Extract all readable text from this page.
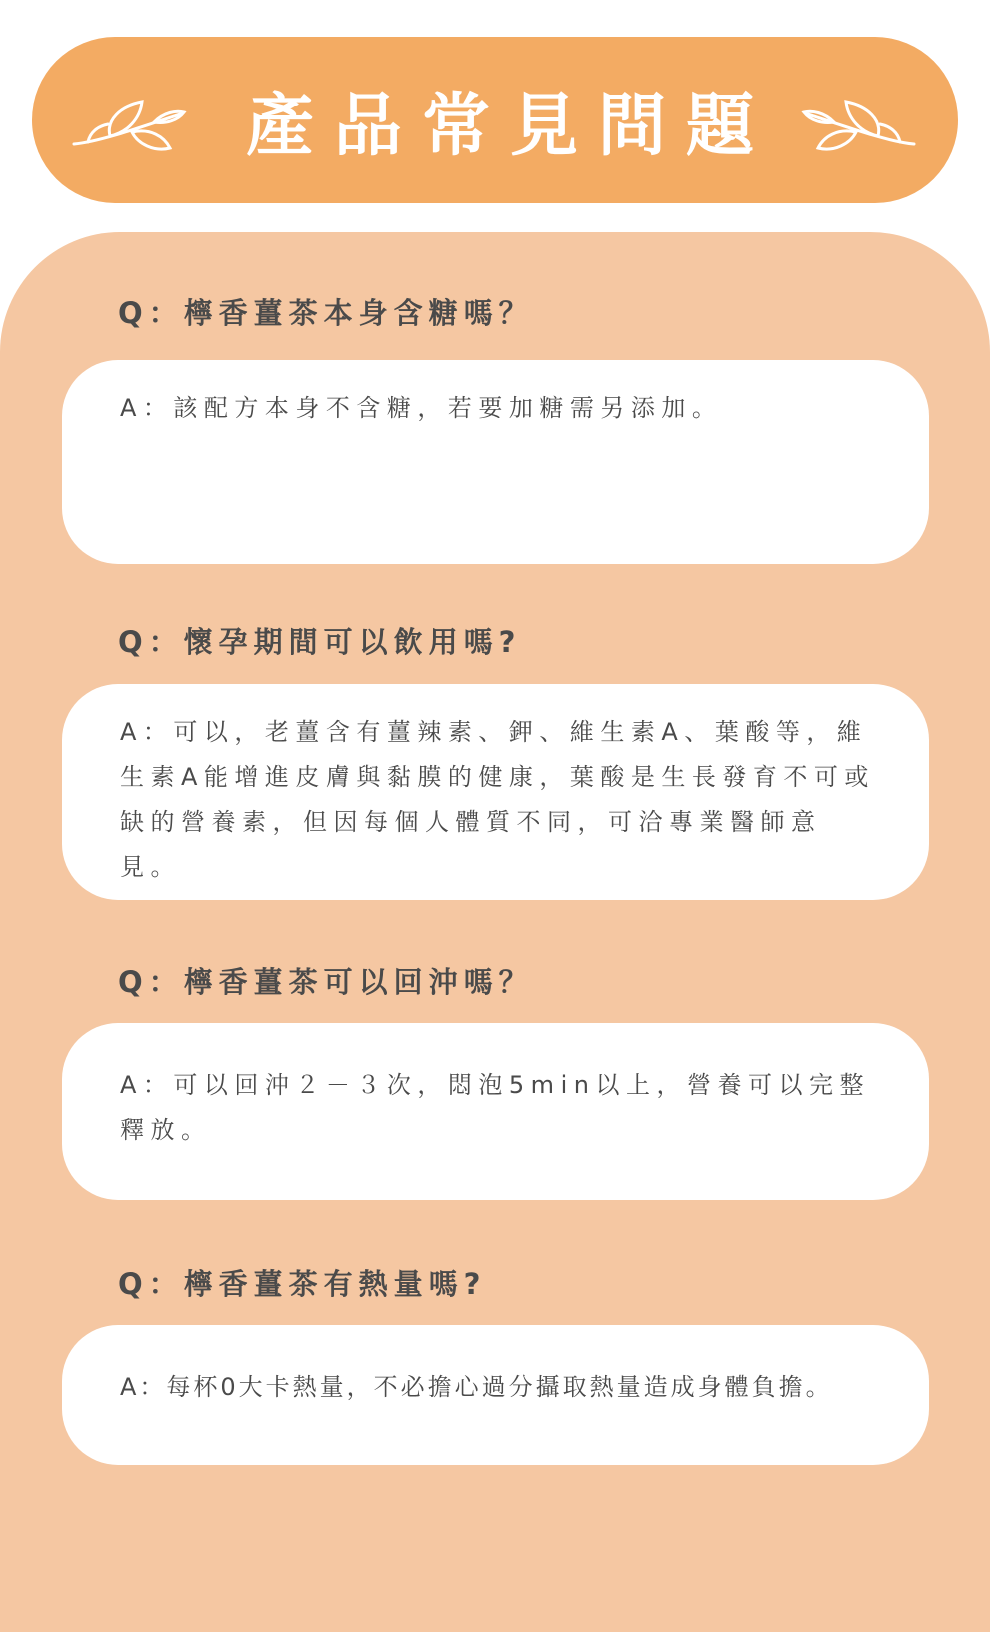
產品常見問題
Q：檸香薑茶本身含糖嗎？
A：該配方本身不含糖，若要加糖需另添加。
Q：懷孕期間可以飲用嗎?
A：可以，老薑含有薑辣素、鉀、維生素A、葉酸等，維生素A能增進皮膚與黏膜的健康，葉酸是生長發育不可或缺的營養素，但因每個人體質不同，可洽專業醫師意見。
Q：檸香薑茶可以回沖嗎？
A：可以回沖２－３次，悶泡5min以上，營養可以完整釋放。
Q：檸香薑茶有熱量嗎?
A：每杯0大卡熱量，不必擔心過分攝取熱量造成身體負擔。
